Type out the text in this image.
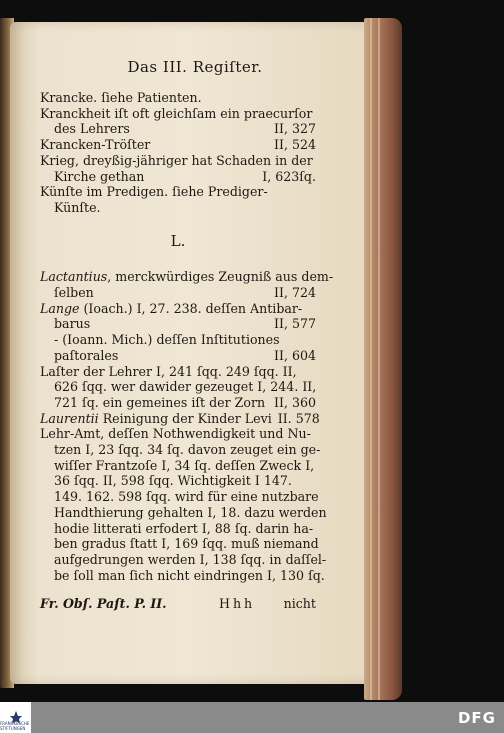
Das III. Regiſter.
Krancke. ſiehe Patienten.
Kranckheit iſt oft gleichſam ein praecurſor
des Lehrers	II, 327
Krancken-Tröſter	II, 524
Krieg, dreyßig-jähriger hat Schaden in der
Kirche gethan	I, 623ſq.
Künſte im Predigen. ſiehe Prediger-
Künſte.
L.
Lactantius, merckwürdiges Zeugniß aus dem-
ſelben	II, 724
Lange (Ioach.) I, 27. 238. deſſen Antibar-
barus	II, 577
- (Ioann. Mich.) deſſen Inſtitutiones
paſtorales	II, 604
Laſter der Lehrer I, 241 ſqq. 249 ſqq. II,
626 ſqq. wer dawider gezeuget I, 244. II,
721 ſq. ein gemeines iſt der Zorn II, 360
Laurentii Reinigung der Kinder Levi II. 578
Lehr-Amt, deſſen Nothwendigkeit und Nu-
tzen I, 23 ſqq. 34 ſq. davon zeuget ein ge-
wiſſer Frantzoſe I, 34 ſq. deſſen Zweck I,
36 ſqq. II, 598 ſqq. Wichtigkeit I 147.
149. 162. 598 ſqq. wird für eine nutzbare
Handthierung gehalten I, 18. dazu werden
hodie litterati erfodert I, 88 ſq. darin ha-
ben gradus ſtatt I, 169 ſqq. muß niemand
aufgedrungen werden I, 138 ſqq. in daſſel-
be ſoll man ſich nicht eindringen I, 130 ſq.
Fr. Obſ. Paſt. P. II.	Hhh nicht
FRANCKESCHE STIFTUNGEN
DFG
